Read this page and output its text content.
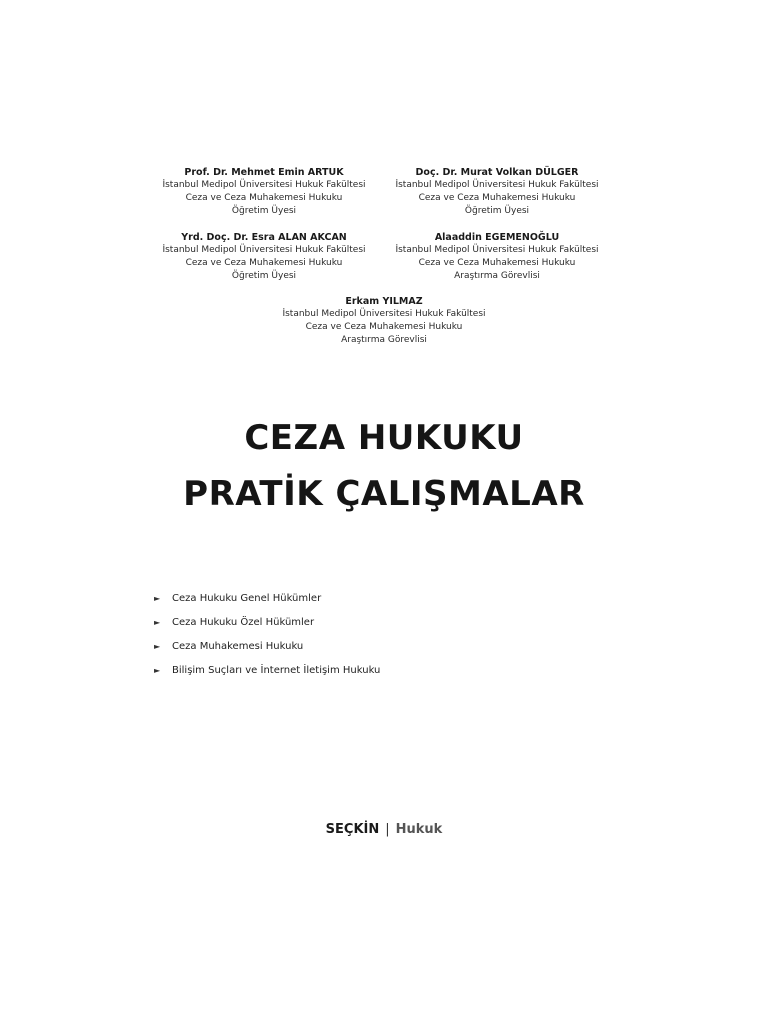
Prof. Dr. Mehmet Emin ARTUK
İstanbul Medipol Üniversitesi Hukuk Fakültesi
Ceza ve Ceza Muhakemesi Hukuku
Öğretim Üyesi
Doç. Dr. Murat Volkan DÜLGER
İstanbul Medipol Üniversitesi Hukuk Fakültesi
Ceza ve Ceza Muhakemesi Hukuku
Öğretim Üyesi
Yrd. Doç. Dr. Esra ALAN AKCAN
İstanbul Medipol Üniversitesi Hukuk Fakültesi
Ceza ve Ceza Muhakemesi Hukuku
Öğretim Üyesi
Alaaddin EGEMENOĞLU
İstanbul Medipol Üniversitesi Hukuk Fakültesi
Ceza ve Ceza Muhakemesi Hukuku
Araştırma Görevlisi
Erkam YILMAZ
İstanbul Medipol Üniversitesi Hukuk Fakültesi
Ceza ve Ceza Muhakemesi Hukuku
Araştırma Görevlisi
CEZA HUKUKU
PRATİK ÇALIŞMALAR
► Ceza Hukuku Genel Hükümler
► Ceza Hukuku Özel Hükümler
► Ceza Muhakemesi Hukuku
► Bilişim Suçları ve İnternet İletişim Hukuku
SEÇKİN | Hukuk
